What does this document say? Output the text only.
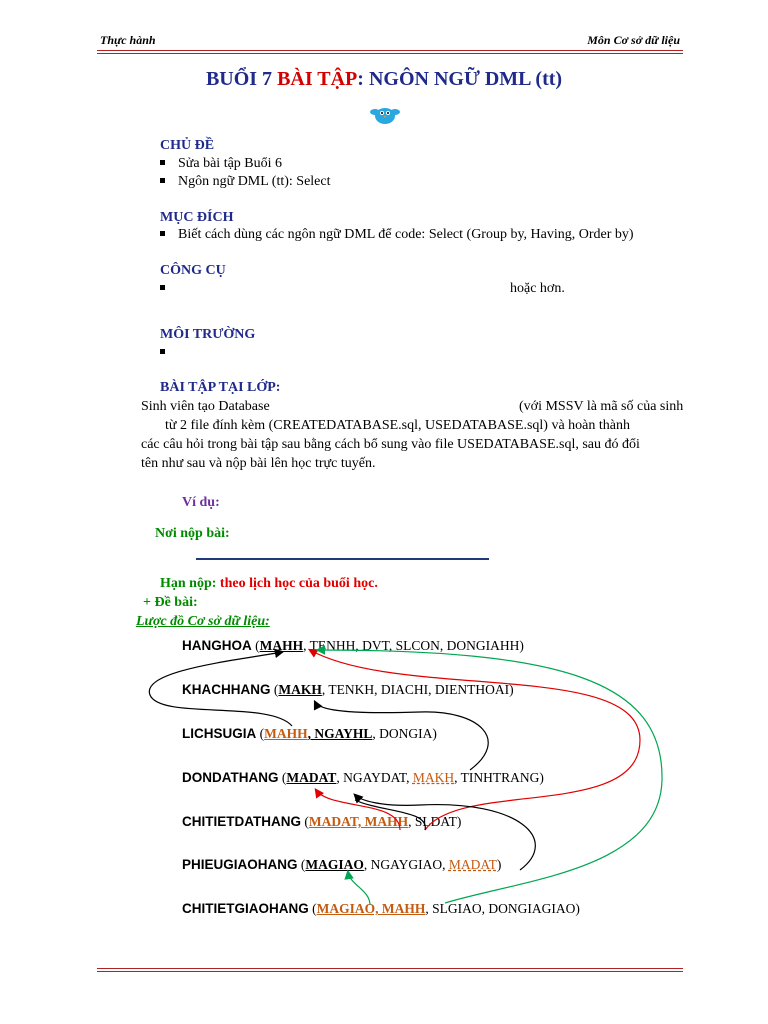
Thực hành	Môn Cơ sở dữ liệu
BUỔI 7 BÀI TẬP: NGÔN NGỮ DML (tt)
CHỦ ĐỀ
Sửa bài tập Buổi 6
Ngôn ngữ DML (tt): Select
MỤC ĐÍCH
Biết cách dùng các ngôn ngữ DML để code: Select (Group by, Having, Order by)
CÔNG CỤ
hoặc hơn.
MÔI TRƯỜNG
BÀI TẬP TẠI LỚP:
Sinh viên tạo Database	(với MSSV là mã số của sinh
từ 2 file đính kèm (CREATEDATABASE.sql, USEDATABASE.sql) và hoàn thành
các câu hỏi trong bài tập sau bằng cách bổ sung vào file USEDATABASE.sql, sau đó đổi
tên như sau và nộp bài lên học trực tuyến.
Ví dụ:
Nơi nộp bài:
Hạn nộp: theo lịch học của buổi học.
+ Đề bài:
Lược đồ Cơ sở dữ liệu:
HANGHOA (MAHH, TENHH, DVT, SLCON, DONGIAHH)
KHACHHANG (MAKH, TENKH, DIACHI, DIENTHOAI)
LICHSUGIA (MAHH, NGAYHL, DONGIA)
DONDATHANG (MADAT, NGAYDAT, MAKH, TINHTRANG)
CHITIETDATHANG (MADAT, MAHH, SLDAT)
PHIEUGIAOHANG (MAGIAO, NGAYGIAO, MADAT)
CHITIETGIAOHANG (MAGIAO, MAHH, SLGIAO, DONGIAGIAO)
